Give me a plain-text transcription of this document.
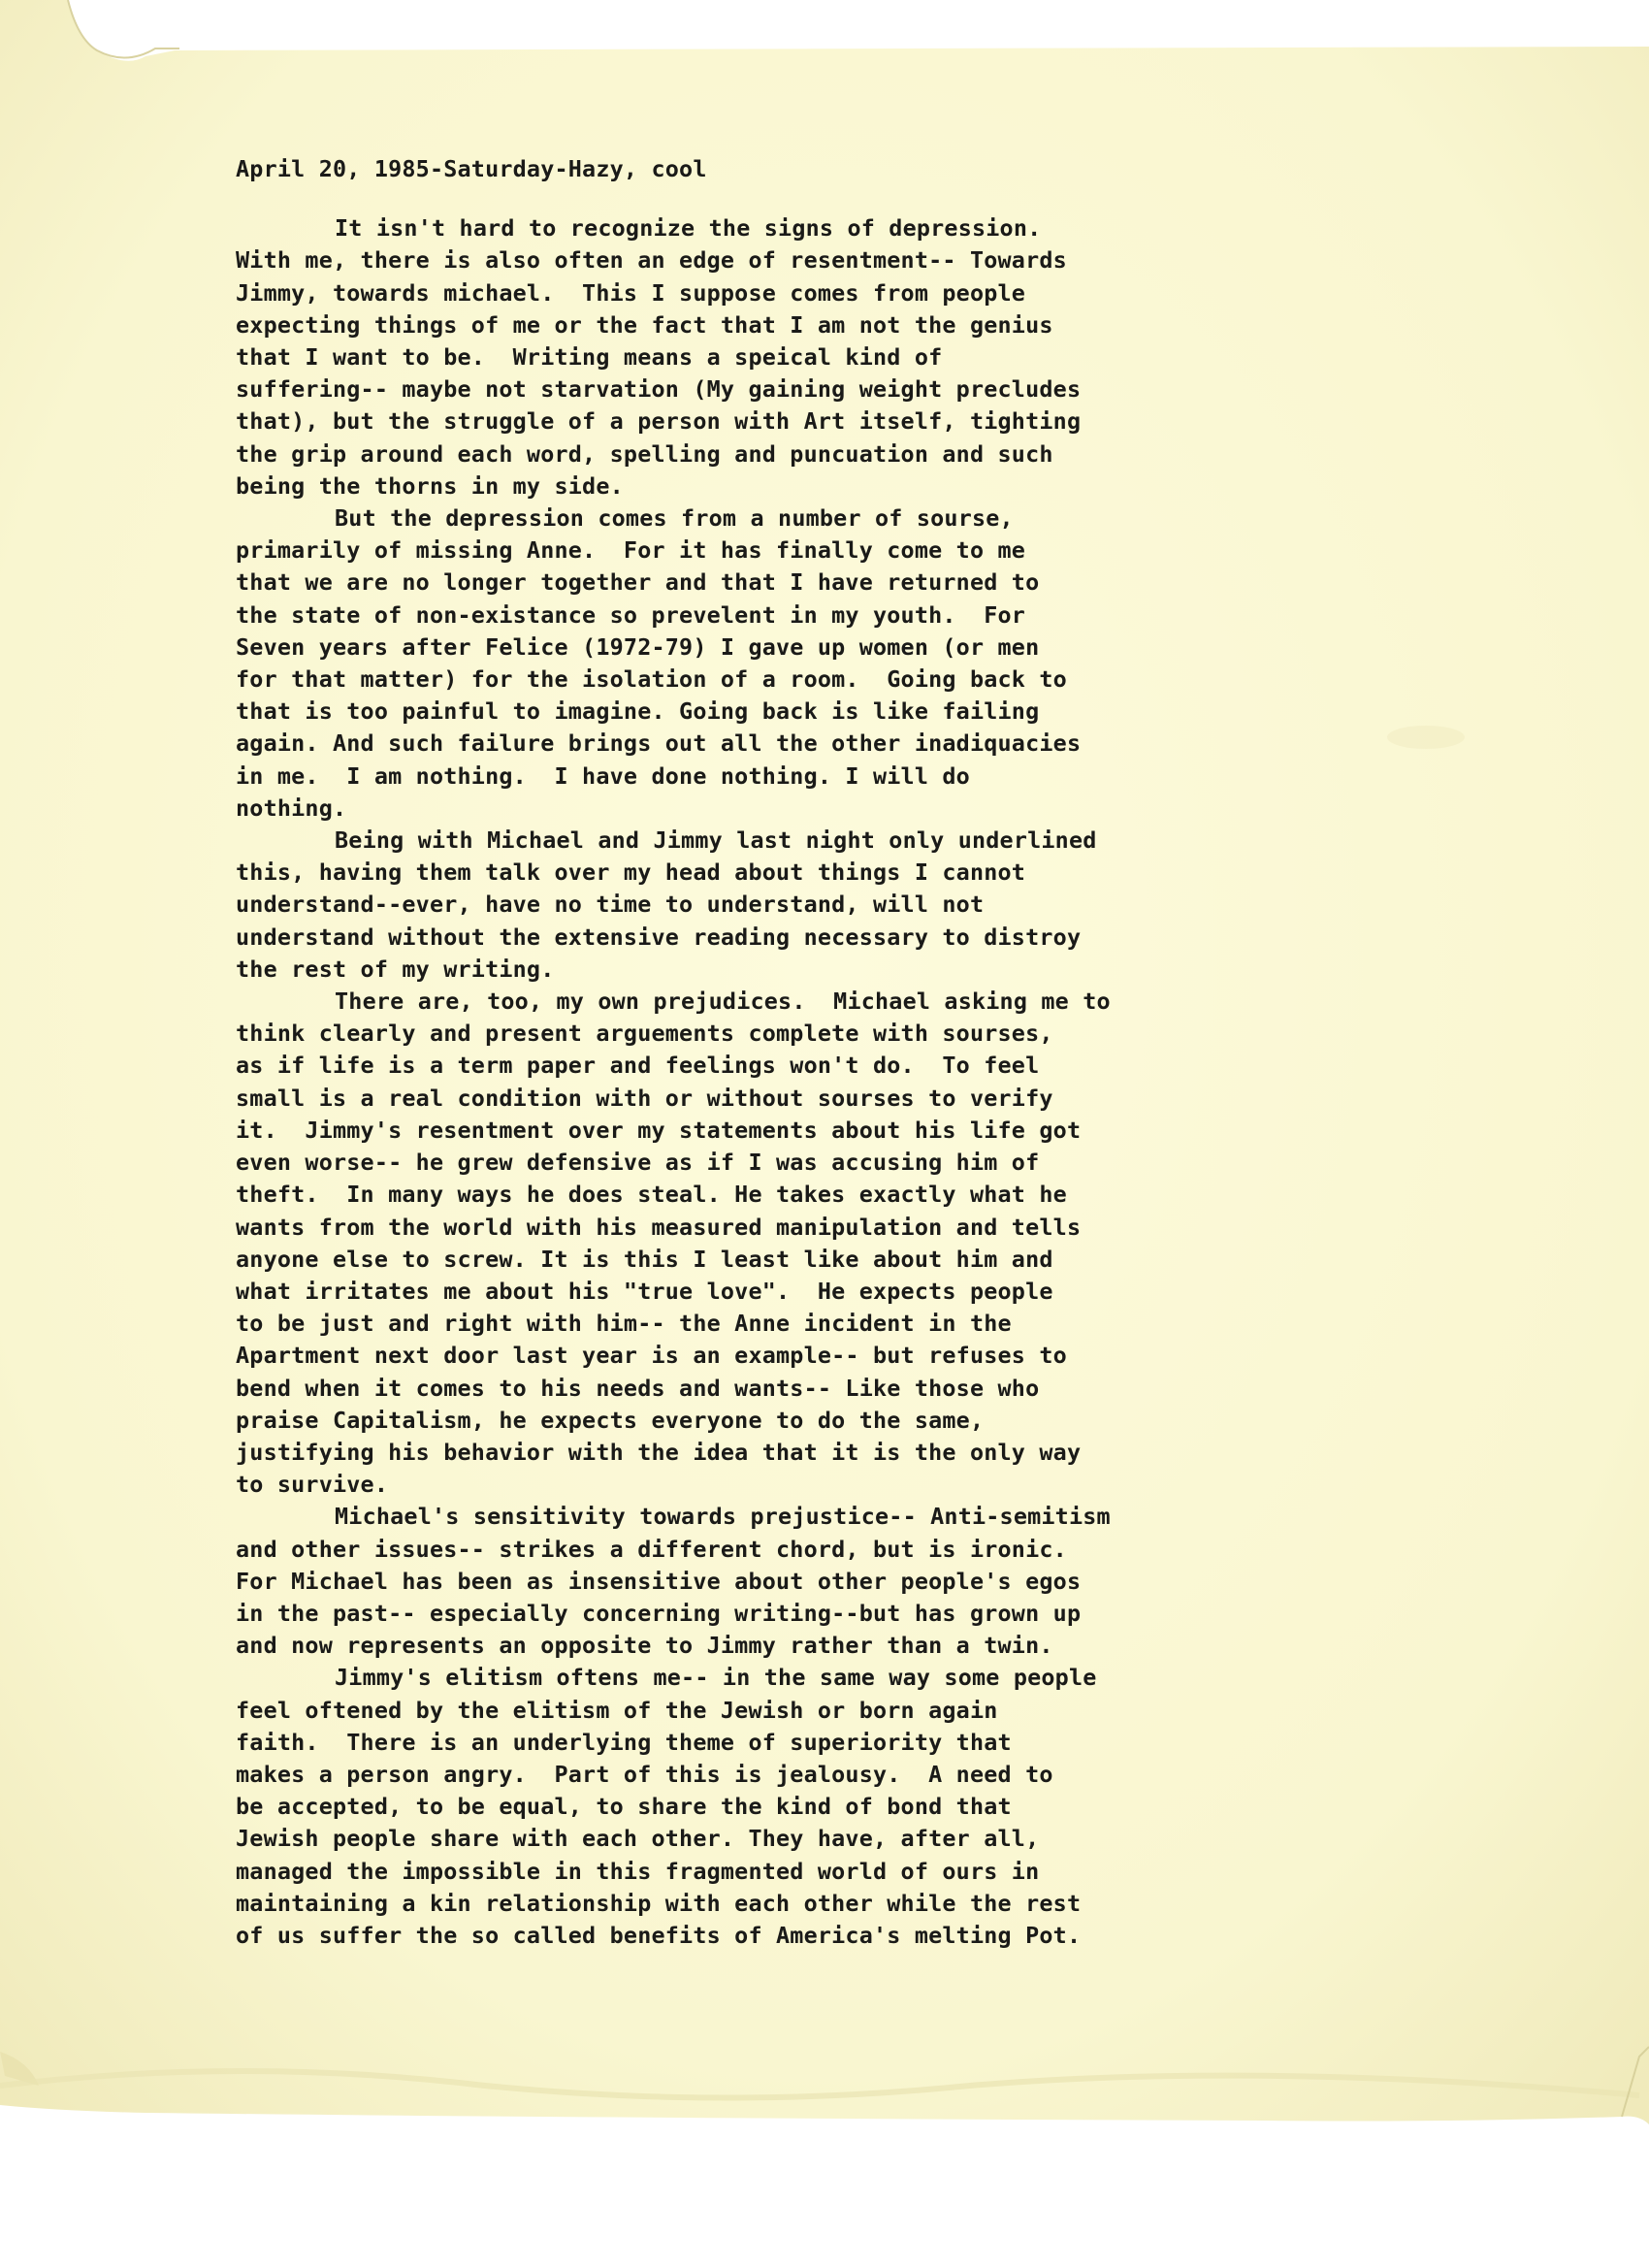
April 20, 1985-Saturday-Hazy, cool

It isn't hard to recognize the signs of depression.
With me, there is also often an edge of resentment-- Towards
Jimmy, towards michael.  This I suppose comes from people
expecting things of me or the fact that I am not the genius
that I want to be.  Writing means a speical kind of
suffering-- maybe not starvation (My gaining weight precludes
that), but the struggle of a person with Art itself, tighting
the grip around each word, spelling and puncuation and such
being the thorns in my side.
But the depression comes from a number of sourse,
primarily of missing Anne.  For it has finally come to me
that we are no longer together and that I have returned to
the state of non-existance so prevelent in my youth.  For
Seven years after Felice (1972-79) I gave up women (or men
for that matter) for the isolation of a room.  Going back to
that is too painful to imagine. Going back is like failing
again. And such failure brings out all the other inadiquacies
in me.  I am nothing.  I have done nothing. I will do
nothing.
Being with Michael and Jimmy last night only underlined
this, having them talk over my head about things I cannot
understand--ever, have no time to understand, will not
understand without the extensive reading necessary to distroy
the rest of my writing.
There are, too, my own prejudices.  Michael asking me to
think clearly and present arguements complete with sourses,
as if life is a term paper and feelings won't do.  To feel
small is a real condition with or without sourses to verify
it.  Jimmy's resentment over my statements about his life got
even worse-- he grew defensive as if I was accusing him of
theft.  In many ways he does steal. He takes exactly what he
wants from the world with his measured manipulation and tells
anyone else to screw. It is this I least like about him and
what irritates me about his "true love".  He expects people
to be just and right with him-- the Anne incident in the
Apartment next door last year is an example-- but refuses to
bend when it comes to his needs and wants-- Like those who
praise Capitalism, he expects everyone to do the same,
justifying his behavior with the idea that it is the only way
to survive.
Michael's sensitivity towards prejustice-- Anti-semitism
and other issues-- strikes a different chord, but is ironic.
For Michael has been as insensitive about other people's egos
in the past-- especially concerning writing--but has grown up
and now represents an opposite to Jimmy rather than a twin.
Jimmy's elitism oftens me-- in the same way some people
feel oftened by the elitism of the Jewish or born again
faith.  There is an underlying theme of superiority that
makes a person angry.  Part of this is jealousy.  A need to
be accepted, to be equal, to share the kind of bond that
Jewish people share with each other. They have, after all,
managed the impossible in this fragmented world of ours in
maintaining a kin relationship with each other while the rest
of us suffer the so called benefits of America's melting Pot.
